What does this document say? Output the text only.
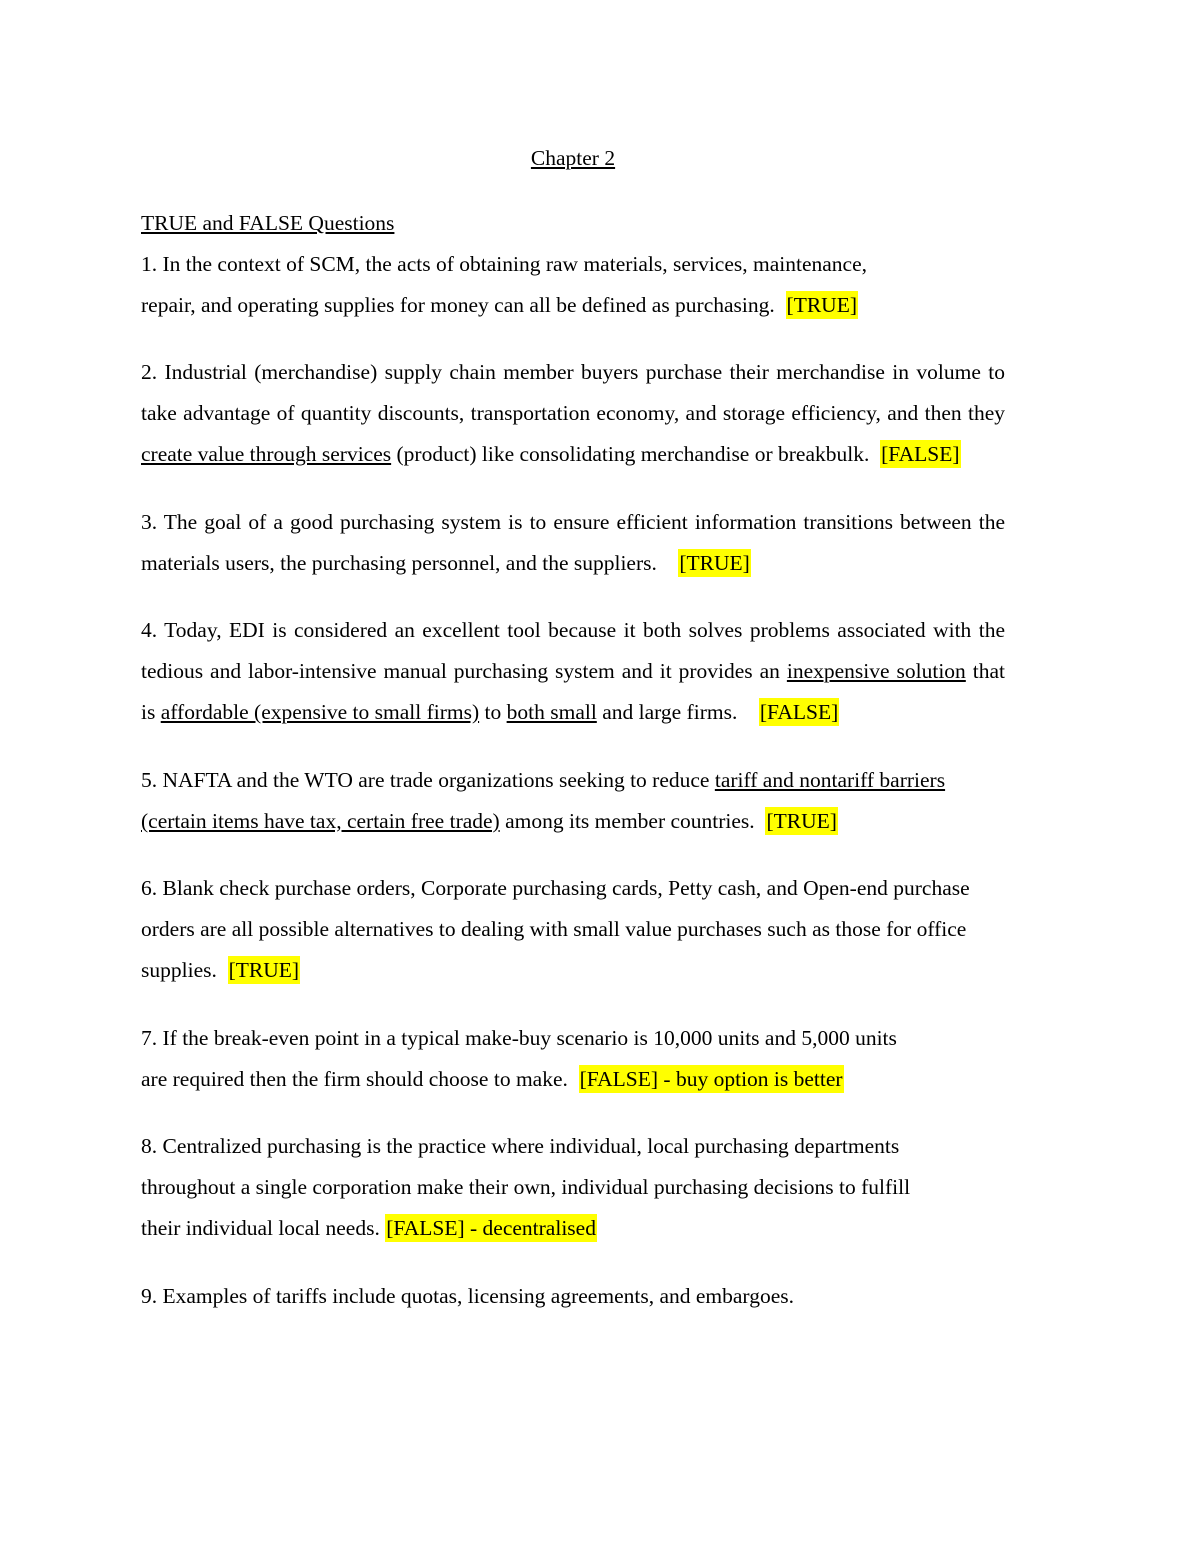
Chapter 2
TRUE and FALSE Questions
1. In the context of SCM, the acts of obtaining raw materials, services, maintenance,
repair, and operating supplies for money can all be defined as purchasing. [TRUE]
2. Industrial (merchandise) supply chain member buyers purchase their merchandise in volume to take advantage of quantity discounts, transportation economy, and storage efficiency, and then they create value through services (product) like consolidating merchandise or breakbulk. [FALSE]
3. The goal of a good purchasing system is to ensure efficient information transitions between the materials users, the purchasing personnel, and the suppliers. [TRUE]
4. Today, EDI is considered an excellent tool because it both solves problems associated with the tedious and labor-intensive manual purchasing system and it provides an inexpensive solution that is affordable (expensive to small firms) to both small and large firms. [FALSE]
5. NAFTA and the WTO are trade organizations seeking to reduce tariff and nontariff barriers (certain items have tax, certain free trade) among its member countries. [TRUE]
6. Blank check purchase orders, Corporate purchasing cards, Petty cash, and Open-end purchase orders are all possible alternatives to dealing with small value purchases such as those for office supplies. [TRUE]
7. If the break-even point in a typical make-buy scenario is 10,000 units and 5,000 units
are required then the firm should choose to make. [FALSE] - buy option is better
8. Centralized purchasing is the practice where individual, local purchasing departments throughout a single corporation make their own, individual purchasing decisions to fulfill their individual local needs. [FALSE] - decentralised
9. Examples of tariffs include quotas, licensing agreements, and embargoes.
